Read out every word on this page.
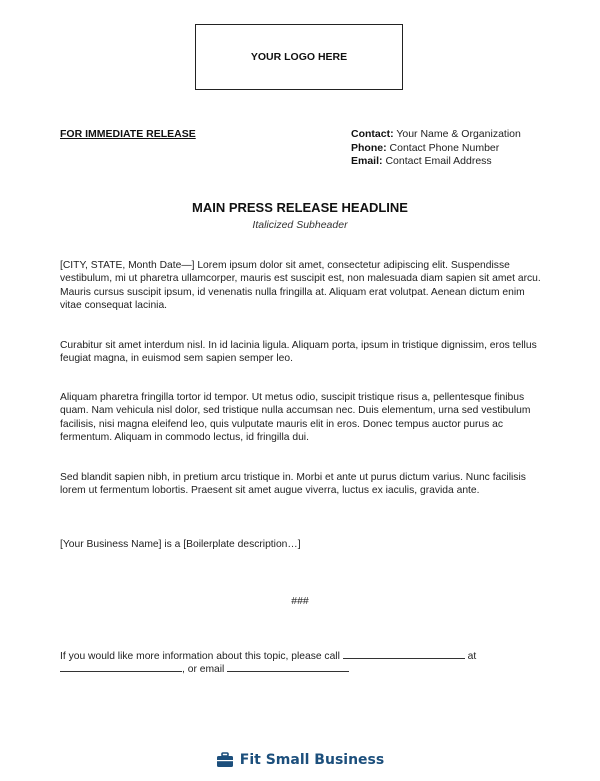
YOUR LOGO HERE
FOR IMMEDIATE RELEASE	Contact: Your Name & Organization
Phone: Contact Phone Number
Email: Contact Email Address
MAIN PRESS RELEASE HEADLINE
Italicized Subheader

[CITY, STATE, Month Date—] Lorem ipsum dolor sit amet, consectetur adipiscing elit. Suspendisse vestibulum, mi ut pharetra ullamcorper, mauris est suscipit est, non malesuada diam sapien sit amet arcu. Mauris cursus suscipit ipsum, id venenatis nulla fringilla at. Aliquam erat volutpat. Aenean dictum enim vitae consequat lacinia.

Curabitur sit amet interdum nisl. In id lacinia ligula. Aliquam porta, ipsum in tristique dignissim, eros tellus feugiat magna, in euismod sem sapien semper leo.

Aliquam pharetra fringilla tortor id tempor. Ut metus odio, suscipit tristique risus a, pellentesque finibus quam. Nam vehicula nisl dolor, sed tristique nulla accumsan nec. Duis elementum, urna sed vestibulum facilisis, nisi magna eleifend leo, quis vulputate mauris elit in eros. Donec tempus auctor purus ac fermentum. Aliquam in commodo lectus, id fringilla dui.

Sed blandit sapien nibh, in pretium arcu tristique in. Morbi et ante ut purus dictum varius. Nunc facilisis lorem ut fermentum lobortis. Praesent sit amet augue viverra, luctus ex iaculis, gravida ante.

[Your Business Name] is a [Boilerplate description…]

###
If you would like more information about this topic, please call	at
, or email
Fit Small Business
